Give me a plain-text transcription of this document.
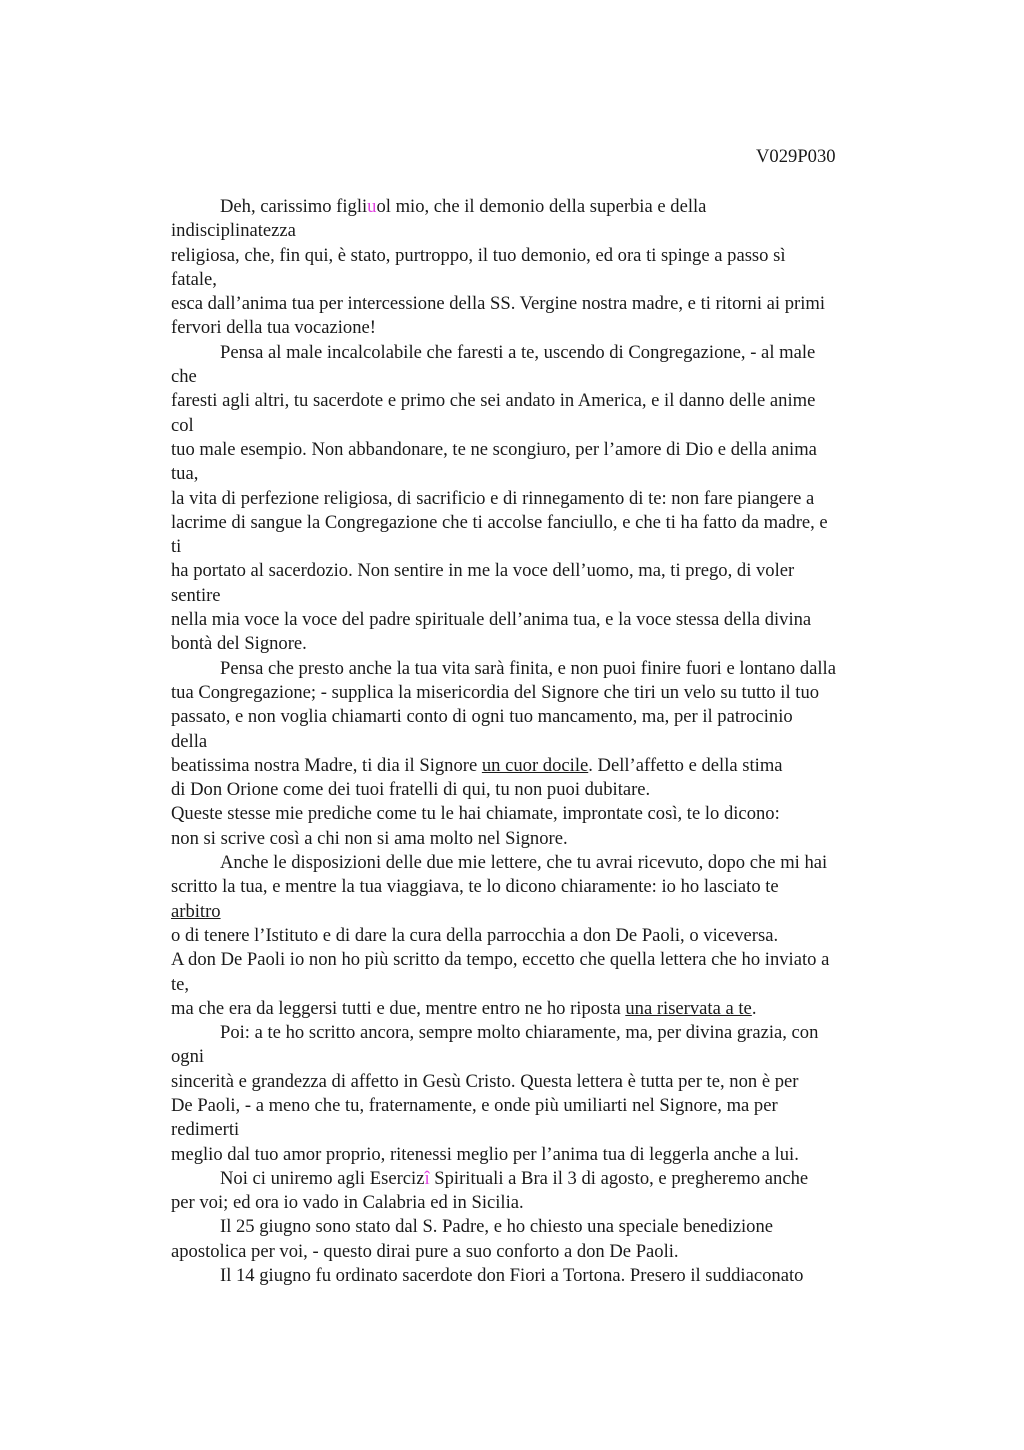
V029P030
Deh, carissimo figliuol mio, che il demonio della superbia e della
indisciplinatezza
religiosa, che, fin qui, è stato, purtroppo, il tuo demonio, ed ora ti spinge a passo sì
fatale,
esca dall’anima tua per intercessione della SS. Vergine nostra madre, e ti ritorni ai primi
fervori della tua vocazione!
Pensa al male incalcolabile che faresti a te, uscendo di Congregazione, - al male
che
faresti agli altri, tu sacerdote e primo che sei andato in America, e il danno delle anime
col
tuo male esempio. Non abbandonare, te ne scongiuro, per l’amore di Dio e della anima
tua,
la vita di perfezione religiosa, di sacrificio e di rinnegamento di te: non fare piangere a
lacrime di sangue la Congregazione che ti accolse fanciullo, e che ti ha fatto da madre, e
ti
ha portato al sacerdozio. Non sentire in me la voce dell’uomo, ma, ti prego, di voler
sentire
nella mia voce la voce del padre spirituale dell’anima tua, e la voce stessa della divina
bontà del Signore.
Pensa che presto anche la tua vita sarà finita, e non puoi finire fuori e lontano dalla
tua Congregazione; - supplica la misericordia del Signore che tiri un velo su tutto il tuo
passato, e non voglia chiamarti conto di ogni tuo mancamento, ma, per il patrocinio
della
beatissima nostra Madre, ti dia il Signore un cuor docile. Dell’affetto e della stima
di Don Orione come dei tuoi fratelli di qui, tu non puoi dubitare.
Queste stesse mie prediche come tu le hai chiamate, improntate così, te lo dicono:
non si scrive così a chi non si ama molto nel Signore.
Anche le disposizioni delle due mie lettere, che tu avrai ricevuto, dopo che mi hai
scritto la tua, e mentre la tua viaggiava, te lo dicono chiaramente: io ho lasciato te
arbitro
o di tenere l’Istituto e di dare la cura della parrocchia a don De Paoli, o viceversa.
A don De Paoli io non ho più scritto da tempo, eccetto che quella lettera che ho inviato a
te,
ma che era da leggersi tutti e due, mentre entro ne ho riposta una riservata a te.
Poi: a te ho scritto ancora, sempre molto chiaramente, ma, per divina grazia, con
ogni
sincerità e grandezza di affetto in Gesù Cristo. Questa lettera è tutta per te, non è per
De Paoli, - a meno che tu, fraternamente, e onde più umiliarti nel Signore, ma per
redimerti
meglio dal tuo amor proprio, ritenessi meglio per l’anima tua di leggerla anche a lui.
Noi ci uniremo agli Esercizî Spirituali a Bra il 3 di agosto, e pregheremo anche
per voi; ed ora io vado in Calabria ed in Sicilia.
Il 25 giugno sono stato dal S. Padre, e ho chiesto una speciale benedizione
apostolica per voi, - questo dirai pure a suo conforto a don De Paoli.
Il 14 giugno fu ordinato sacerdote don Fiori a Tortona. Presero il suddiaconato
